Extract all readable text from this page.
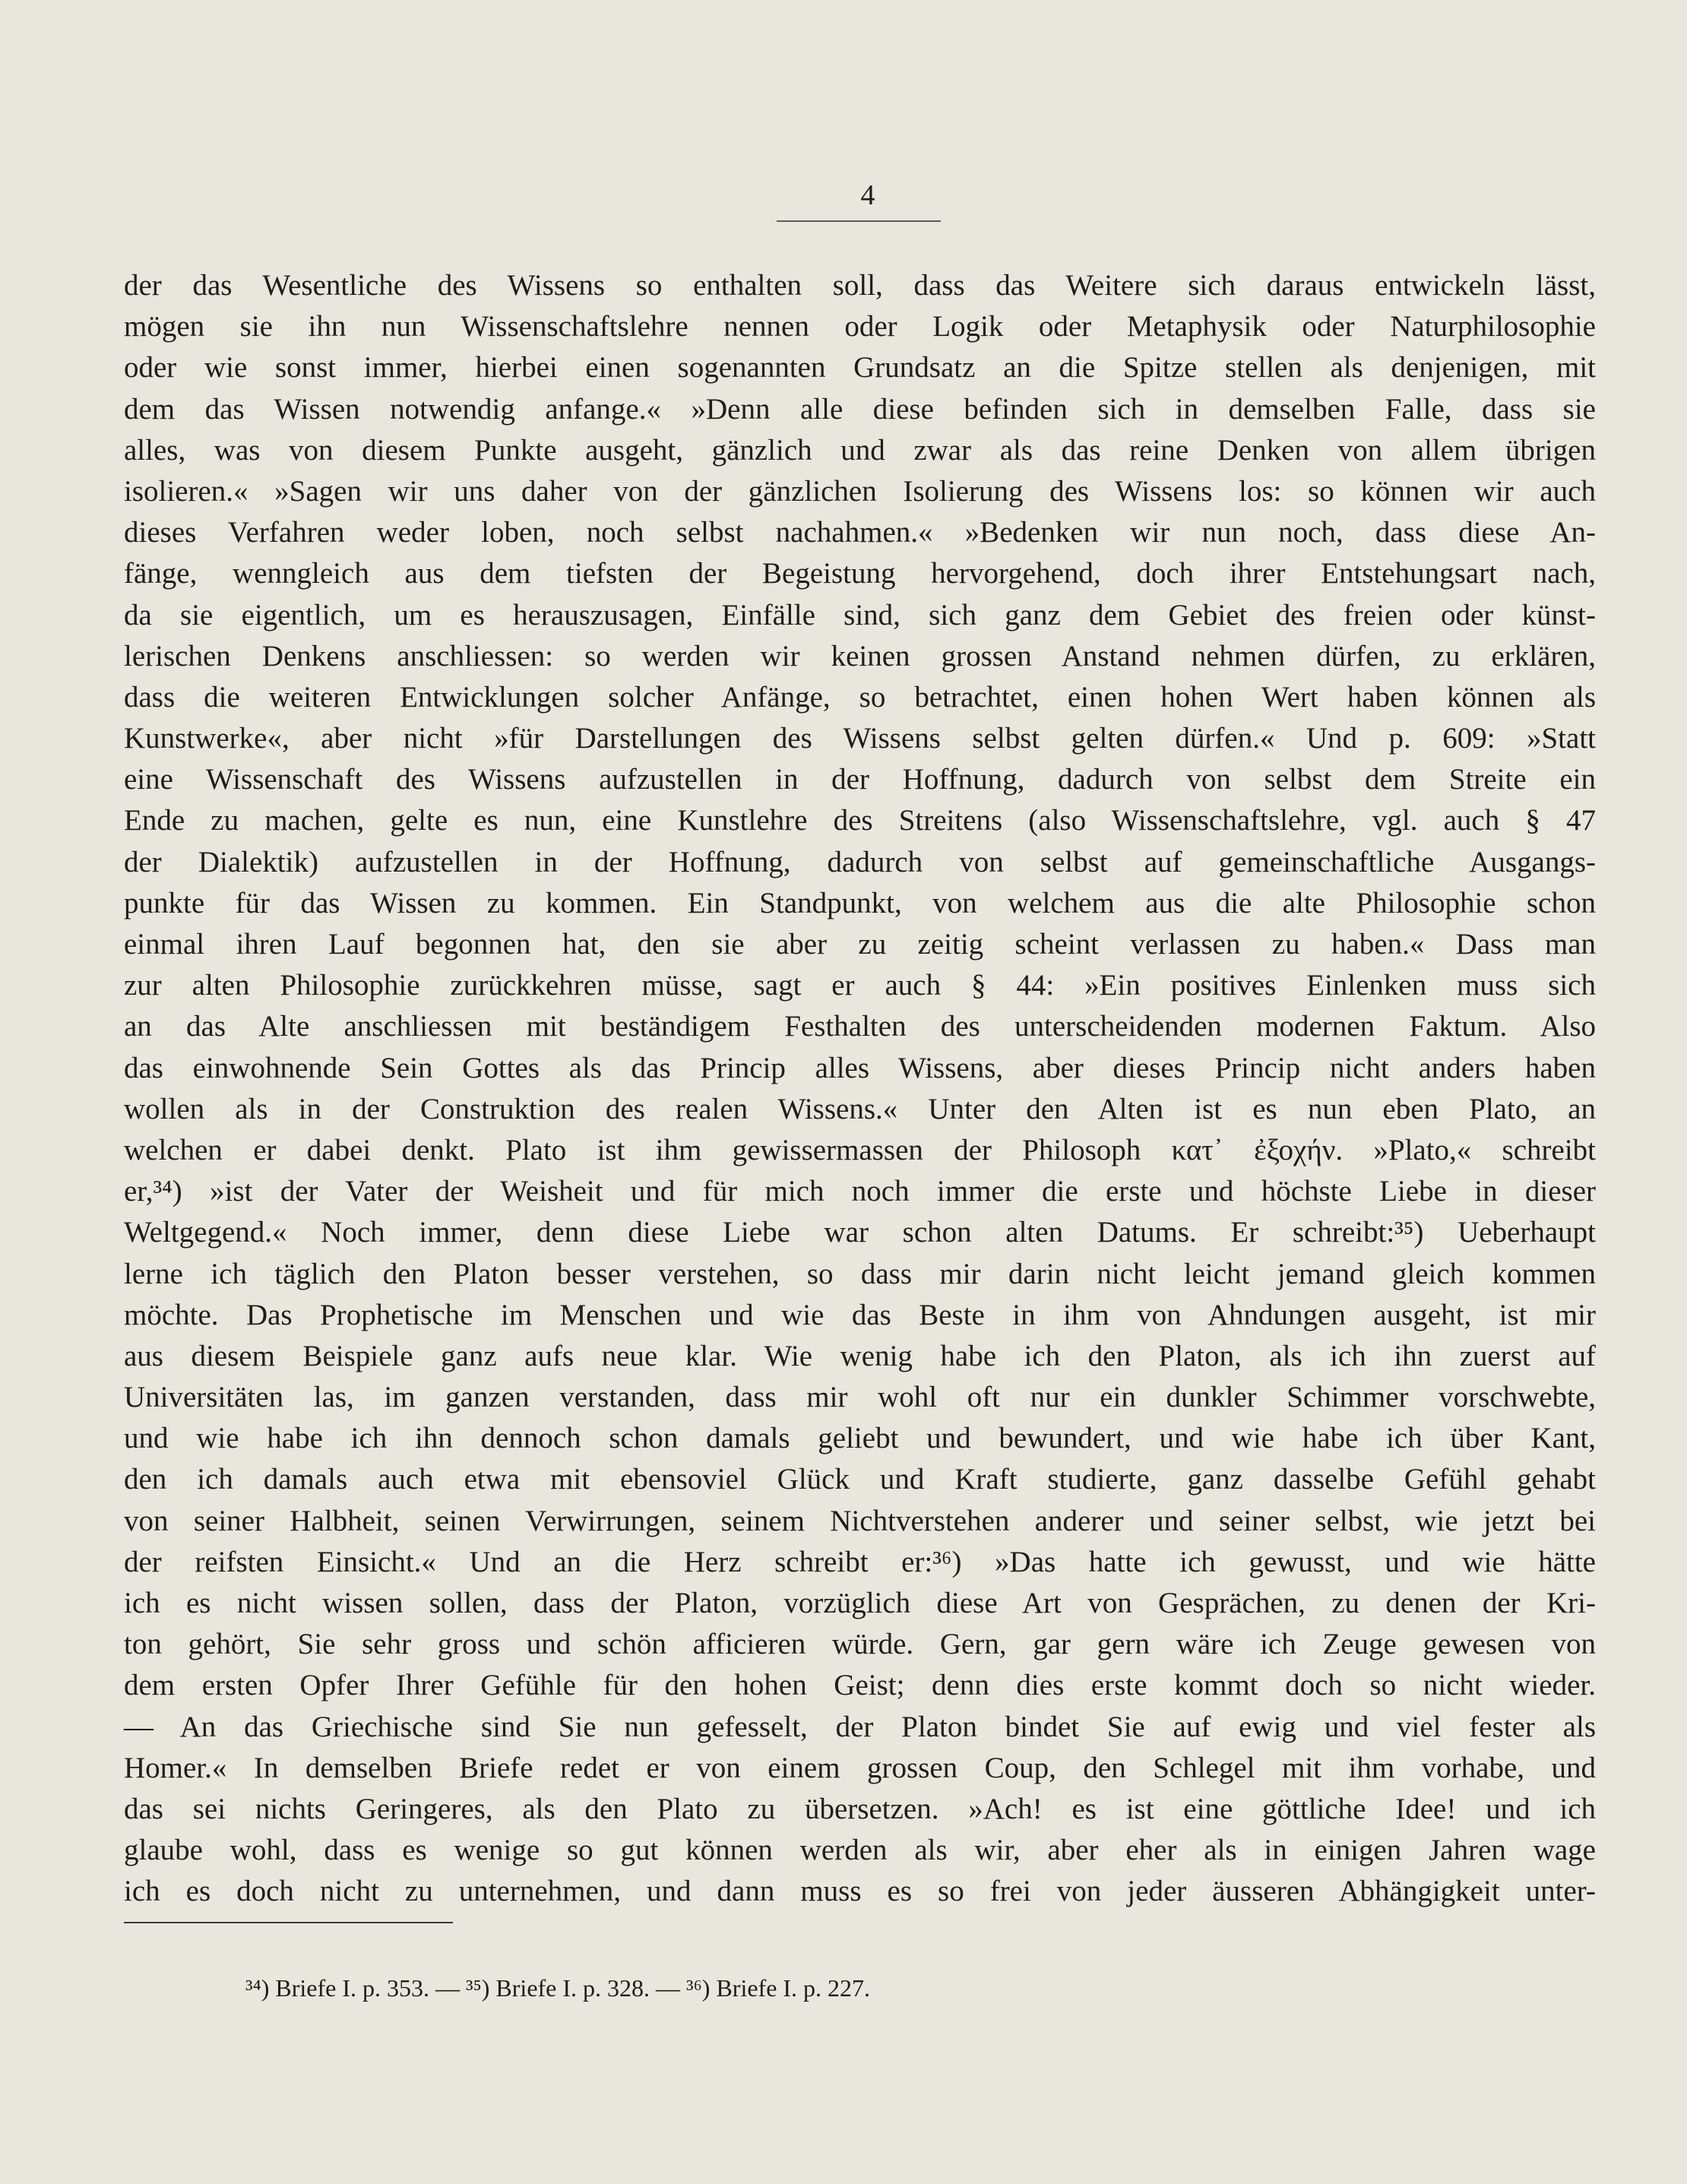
4
der das Wesentliche des Wissens so enthalten soll, dass das Weitere sich daraus entwickeln lässt,
mögen sie ihn nun Wissenschaftslehre nennen oder Logik oder Metaphysik oder Naturphilosophie
oder wie sonst immer, hierbei einen sogenannten Grundsatz an die Spitze stellen als denjenigen, mit
dem das Wissen notwendig anfange.« »Denn alle diese befinden sich in demselben Falle, dass sie
alles, was von diesem Punkte ausgeht, gänzlich und zwar als das reine Denken von allem übrigen
isolieren.« »Sagen wir uns daher von der gänzlichen Isolierung des Wissens los: so können wir auch
dieses Verfahren weder loben, noch selbst nachahmen.« »Bedenken wir nun noch, dass diese An-
fänge, wenngleich aus dem tiefsten der Begeistung hervorgehend, doch ihrer Entstehungsart nach,
da sie eigentlich, um es herauszusagen, Einfälle sind, sich ganz dem Gebiet des freien oder künst-
lerischen Denkens anschliessen: so werden wir keinen grossen Anstand nehmen dürfen, zu erklären,
dass die weiteren Entwicklungen solcher Anfänge, so betrachtet, einen hohen Wert haben können als
Kunstwerke«, aber nicht »für Darstellungen des Wissens selbst gelten dürfen.« Und p. 609: »Statt
eine Wissenschaft des Wissens aufzustellen in der Hoffnung, dadurch von selbst dem Streite ein
Ende zu machen, gelte es nun, eine Kunstlehre des Streitens (also Wissenschaftslehre, vgl. auch § 47
der Dialektik) aufzustellen in der Hoffnung, dadurch von selbst auf gemeinschaftliche Ausgangs-
punkte für das Wissen zu kommen. Ein Standpunkt, von welchem aus die alte Philosophie schon
einmal ihren Lauf begonnen hat, den sie aber zu zeitig scheint verlassen zu haben.« Dass man
zur alten Philosophie zurückkehren müsse, sagt er auch § 44: »Ein positives Einlenken muss sich
an das Alte anschliessen mit beständigem Festhalten des unterscheidenden modernen Faktum. Also
das einwohnende Sein Gottes als das Princip alles Wissens, aber dieses Princip nicht anders haben
wollen als in der Construktion des realen Wissens.« Unter den Alten ist es nun eben Plato, an
welchen er dabei denkt. Plato ist ihm gewissermassen der Philosoph κατ᾽ ἐξοχήν. »Plato,« schreibt
er,³⁴) »ist der Vater der Weisheit und für mich noch immer die erste und höchste Liebe in dieser
Weltgegend.« Noch immer, denn diese Liebe war schon alten Datums. Er schreibt:³⁵) Ueberhaupt
lerne ich täglich den Platon besser verstehen, so dass mir darin nicht leicht jemand gleich kommen
möchte. Das Prophetische im Menschen und wie das Beste in ihm von Ahndungen ausgeht, ist mir
aus diesem Beispiele ganz aufs neue klar. Wie wenig habe ich den Platon, als ich ihn zuerst auf
Universitäten las, im ganzen verstanden, dass mir wohl oft nur ein dunkler Schimmer vorschwebte,
und wie habe ich ihn dennoch schon damals geliebt und bewundert, und wie habe ich über Kant,
den ich damals auch etwa mit ebensoviel Glück und Kraft studierte, ganz dasselbe Gefühl gehabt
von seiner Halbheit, seinen Verwirrungen, seinem Nichtverstehen anderer und seiner selbst, wie jetzt bei
der reifsten Einsicht.« Und an die Herz schreibt er:³⁶) »Das hatte ich gewusst, und wie hätte
ich es nicht wissen sollen, dass der Platon, vorzüglich diese Art von Gesprächen, zu denen der Kri-
ton gehört, Sie sehr gross und schön afficieren würde. Gern, gar gern wäre ich Zeuge gewesen von
dem ersten Opfer Ihrer Gefühle für den hohen Geist; denn dies erste kommt doch so nicht wieder.
— An das Griechische sind Sie nun gefesselt, der Platon bindet Sie auf ewig und viel fester als
Homer.« In demselben Briefe redet er von einem grossen Coup, den Schlegel mit ihm vorhabe, und
das sei nichts Geringeres, als den Plato zu übersetzen. »Ach! es ist eine göttliche Idee! und ich
glaube wohl, dass es wenige so gut können werden als wir, aber eher als in einigen Jahren wage
ich es doch nicht zu unternehmen, und dann muss es so frei von jeder äusseren Abhängigkeit unter-
³⁴) Briefe I. p. 353. — ³⁵) Briefe I. p. 328. — ³⁶) Briefe I. p. 227.
